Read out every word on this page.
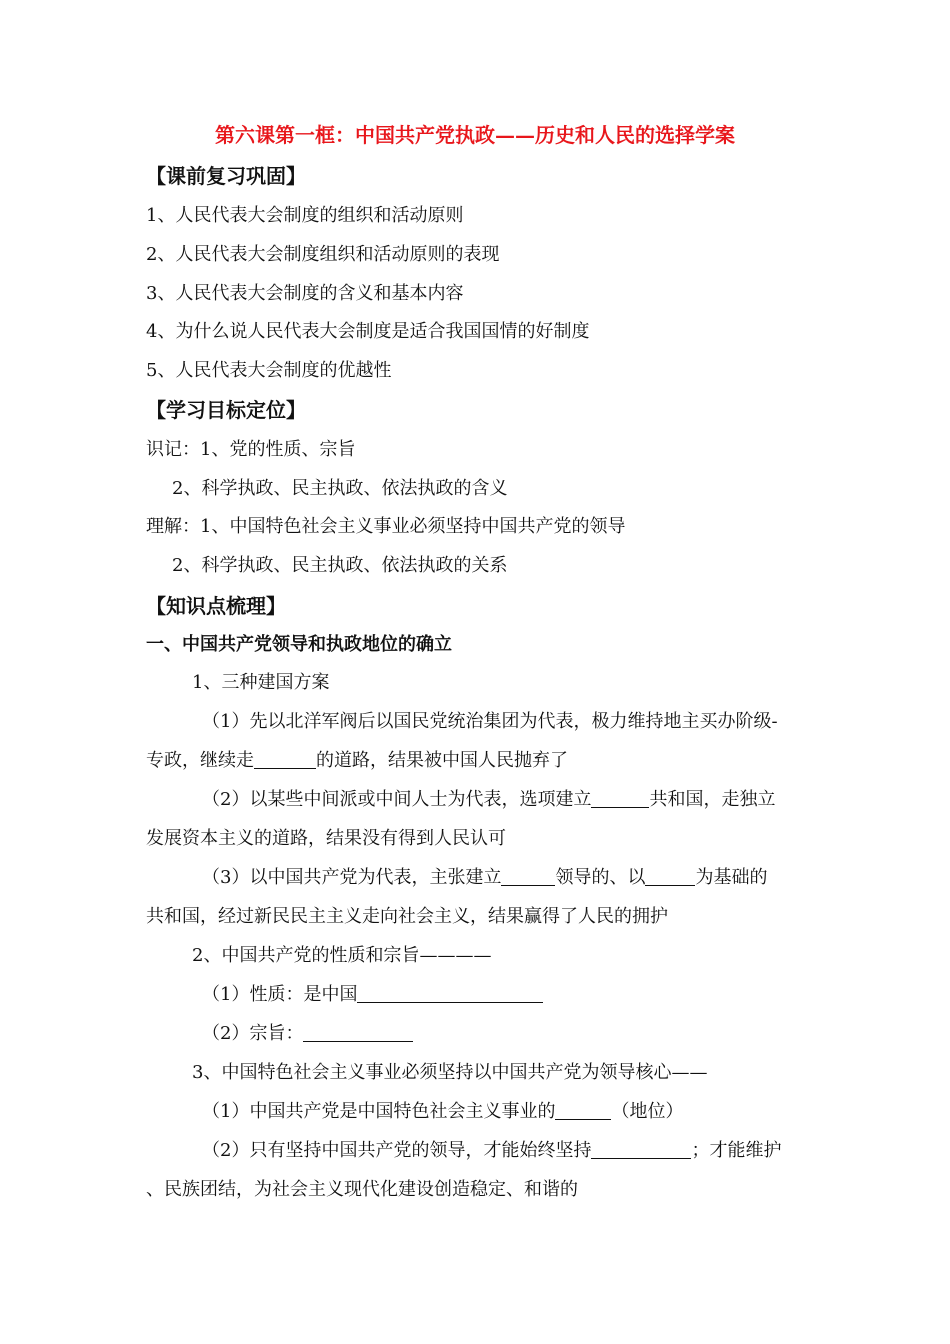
第六课第一框：中国共产党执政——历史和人民的选择学案
【课前复习巩固】
1、人民代表大会制度的组织和活动原则
2、人民代表大会制度组织和活动原则的表现
3、人民代表大会制度的含义和基本内容
4、为什么说人民代表大会制度是适合我国国情的好制度
5、人民代表大会制度的优越性
【学习目标定位】
识记：1、党的性质、宗旨
2、科学执政、民主执政、依法执政的含义
理解：1、中国特色社会主义事业必须坚持中国共产党的领导
2、科学执政、民主执政、依法执政的关系
【知识点梳理】
一、中国共产党领导和执政地位的确立
1、三种建国方案
（1）先以北洋军阀后以国民党统治集团为代表，极力维持地主买办阶级-
专政，继续走	的道路，结果被中国人民抛弃了
（2）以某些中间派或中间人士为代表，选项建立	共和国，走独立
发展资本主义的道路，结果没有得到人民认可
（3）以中国共产党为代表，主张建立	领导的、以	为基础的
共和国，经过新民民主主义走向社会主义，结果赢得了人民的拥护
2、中国共产党的性质和宗旨————
（1）性质：是中国
（2）宗旨：
3、中国特色社会主义事业必须坚持以中国共产党为领导核心——
（1）中国共产党是中国特色社会主义事业的	（地位）
（2）只有坚持中国共产党的领导，才能始终坚持	；才能维护
、民族团结，为社会主义现代化建设创造稳定、和谐的
